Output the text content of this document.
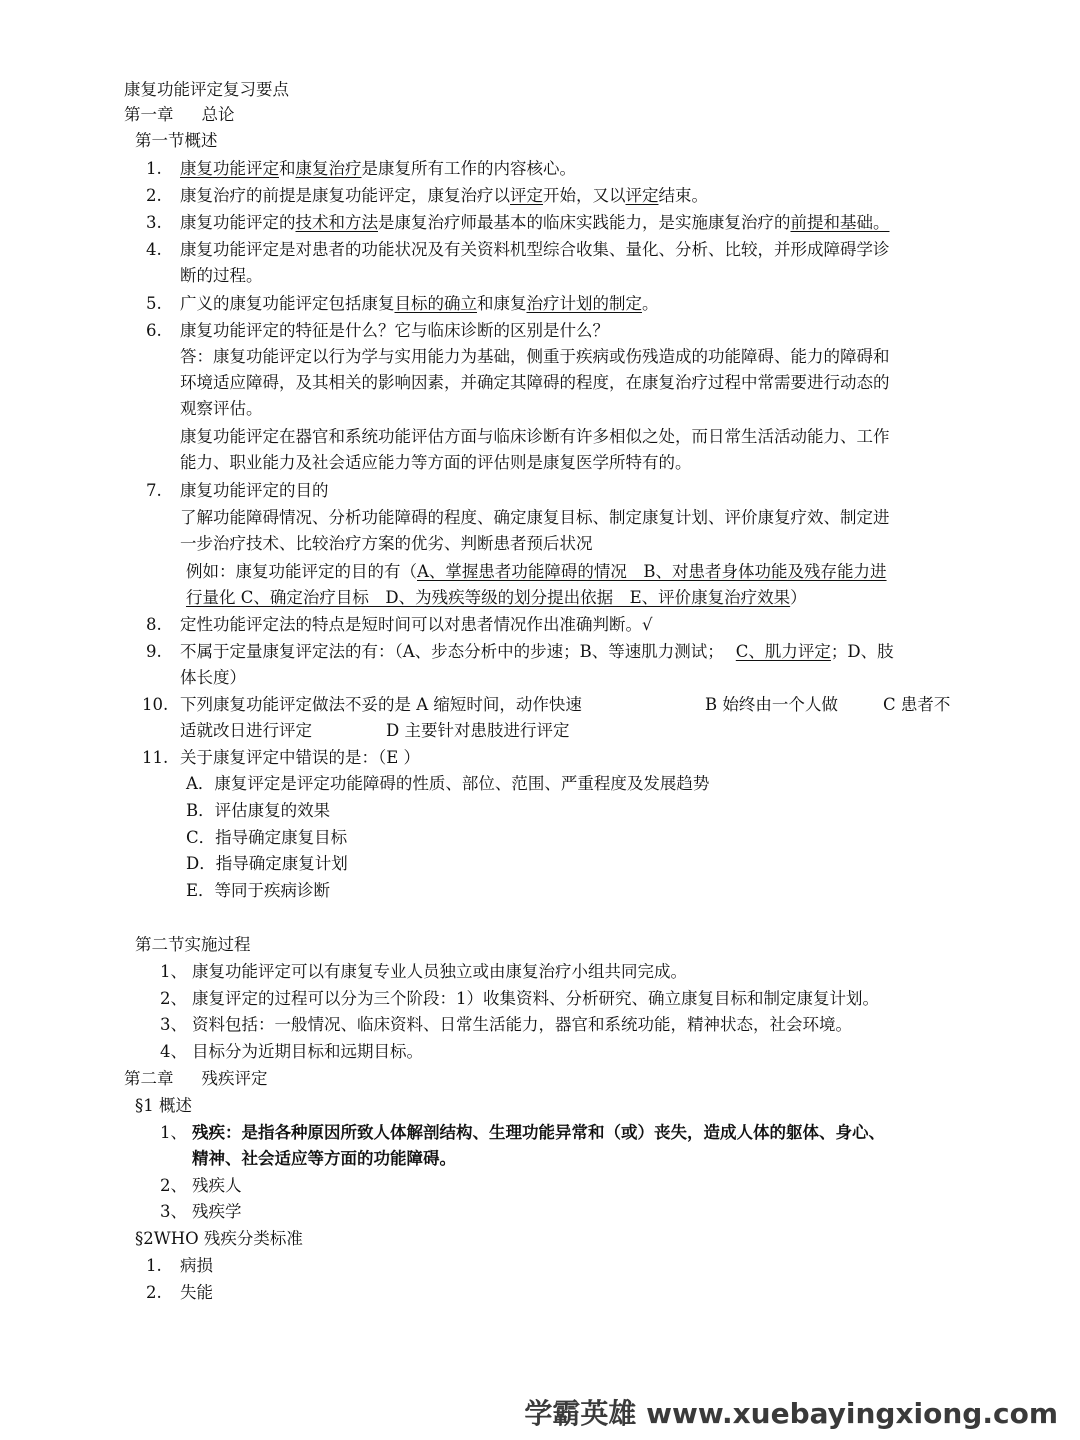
康复功能评定复习要点
第一章 总论
第一节概述
1. 康复功能评定和康复治疗是康复所有工作的内容核心。
2. 康复治疗的前提是康复功能评定，康复治疗以评定开始，又以评定结束。
3. 康复功能评定的技术和方法是康复治疗师最基本的临床实践能力，是实施康复治疗的前提和基础。
4. 康复功能评定是对患者的功能状况及有关资料机型综合收集、量化、分析、比较，并形成障碍学诊
断的过程。
5. 广义的康复功能评定包括康复目标的确立和康复治疗计划的制定。
6. 康复功能评定的特征是什么？它与临床诊断的区别是什么？
答：康复功能评定以行为学与实用能力为基础，侧重于疾病或伤残造成的功能障碍、能力的障碍和
环境适应障碍，及其相关的影响因素，并确定其障碍的程度，在康复治疗过程中常需要进行动态的
观察评估。
康复功能评定在器官和系统功能评估方面与临床诊断有许多相似之处，而日常生活活动能力、工作
能力、职业能力及社会适应能力等方面的评估则是康复医学所特有的。
7. 康复功能评定的目的
了解功能障碍情况、分析功能障碍的程度、确定康复目标、制定康复计划、评价康复疗效、制定进
一步治疗技术、比较治疗方案的优劣、判断患者预后状况
例如：康复功能评定的目的有（A、掌握患者功能障碍的情况　B、对患者身体功能及残存能力进
行量化 C、确定治疗目标　D、为残疾等级的划分提出依据　E、评价康复治疗效果）
8. 定性功能评定法的特点是短时间可以对患者情况作出准确判断。√
9. 不属于定量康复评定法的有：（A、步态分析中的步速；B、等速肌力测试； C、肌力评定；D、肢
体长度）
10. 下列康复功能评定做法不妥的是 A 缩短时间，动作快速	B 始终由一个人做	C 患者不
适就改日进行评定	D 主要针对患肢进行评定
11. 关于康复评定中错误的是：（E ）
A．康复评定是评定功能障碍的性质、部位、范围、严重程度及发展趋势
B．评估康复的效果
C．指导确定康复目标
D．指导确定康复计划
E．等同于疾病诊断
第二节实施过程
1、 康复功能评定可以有康复专业人员独立或由康复治疗小组共同完成。
2、 康复评定的过程可以分为三个阶段：1）收集资料、分析研究、确立康复目标和制定康复计划。
3、 资料包括：一般情况、临床资料、日常生活能力，器官和系统功能，精神状态，社会环境。
4、 目标分为近期目标和远期目标。
第二章 残疾评定
§1 概述
1、 残疾：是指各种原因所致人体解剖结构、生理功能异常和（或）丧失，造成人体的躯体、身心、
精神、社会适应等方面的功能障碍。
2、 残疾人
3、 残疾学
§2WHO 残疾分类标准
1. 病损
2. 失能
学霸英雄 www.xuebayingxiong.com
